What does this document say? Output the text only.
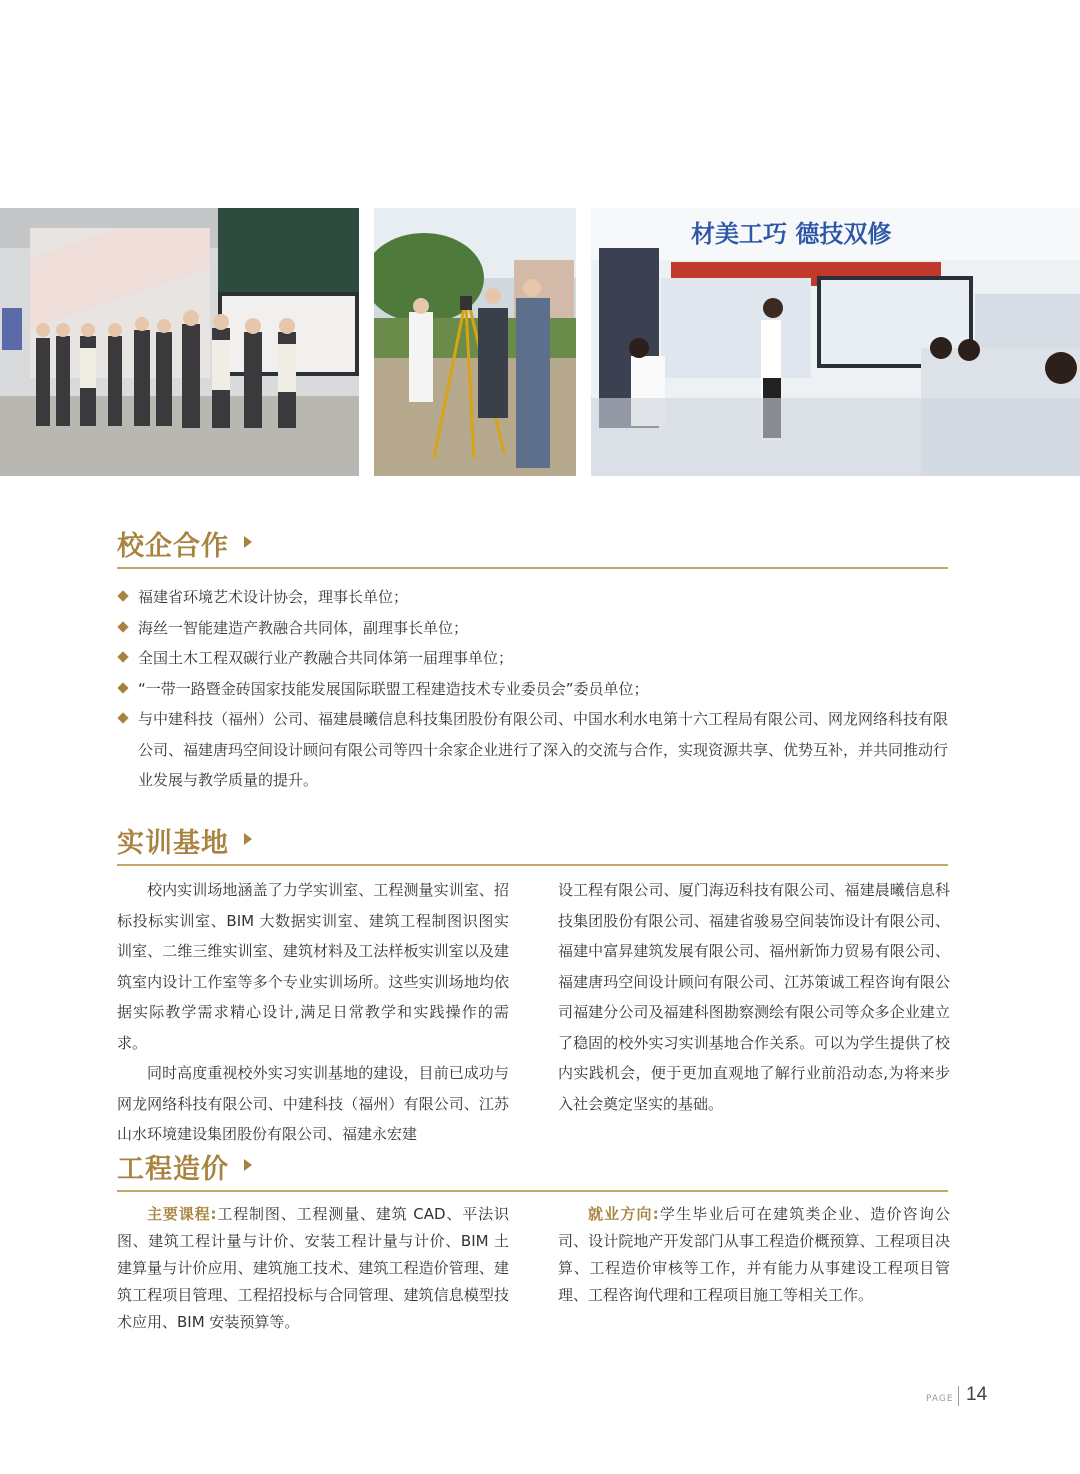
材美工巧 德技双修
校企合作
福建省环境艺术设计协会，理事长单位；
海丝一智能建造产教融合共同体，副理事长单位；
全国土木工程双碳行业产教融合共同体第一届理事单位；
“一带一路暨金砖国家技能发展国际联盟工程建造技术专业委员会”委员单位；
与中建科技（福州）公司、福建晨曦信息科技集团股份有限公司、中国水利水电第十六工程局有限公司、网龙网络科技有限公司、福建唐玛空间设计顾问有限公司等四十余家企业进行了深入的交流与合作，实现资源共享、优势互补，并共同推动行业发展与教学质量的提升。
实训基地

校内实训场地涵盖了力学实训室、工程测量实训室、招标投标实训室、BIM 大数据实训室、建筑工程制图识图实训室、二维三维实训室、建筑材料及工法样板实训室以及建筑室内设计工作室等多个专业实训场所。这些实训场地均依据实际教学需求精心设计,满足日常教学和实践操作的需求。

同时高度重视校外实习实训基地的建设，目前已成功与网龙网络科技有限公司、中建科技（福州）有限公司、江苏山水环境建设集团股份有限公司、福建永宏建

设工程有限公司、厦门海迈科技有限公司、福建晨曦信息科技集团股份有限公司、福建省骏易空间装饰设计有限公司、福建中富昇建筑发展有限公司、福州新饰力贸易有限公司、福建唐玛空间设计顾问有限公司、江苏策诚工程咨询有限公司福建分公司及福建科图勘察测绘有限公司等众多企业建立了稳固的校外实习实训基地合作关系。可以为学生提供了校内实践机会，便于更加直观地了解行业前沿动态,为将来步入社会奠定坚实的基础。

工程造价

主要课程:工程制图、工程测量、建筑 CAD、平法识图、建筑工程计量与计价、安装工程计量与计价、BIM 土建算量与计价应用、建筑施工技术、建筑工程造价管理、建筑工程项目管理、工程招投标与合同管理、建筑信息模型技术应用、BIM 安装预算等。

就业方向:学生毕业后可在建筑类企业、造价咨询公司、设计院地产开发部门从事工程造价概预算、工程项目决算、工程造价审核等工作，并有能力从事建设工程项目管理、工程咨询代理和工程项目施工等相关工作。

PAGE 14
